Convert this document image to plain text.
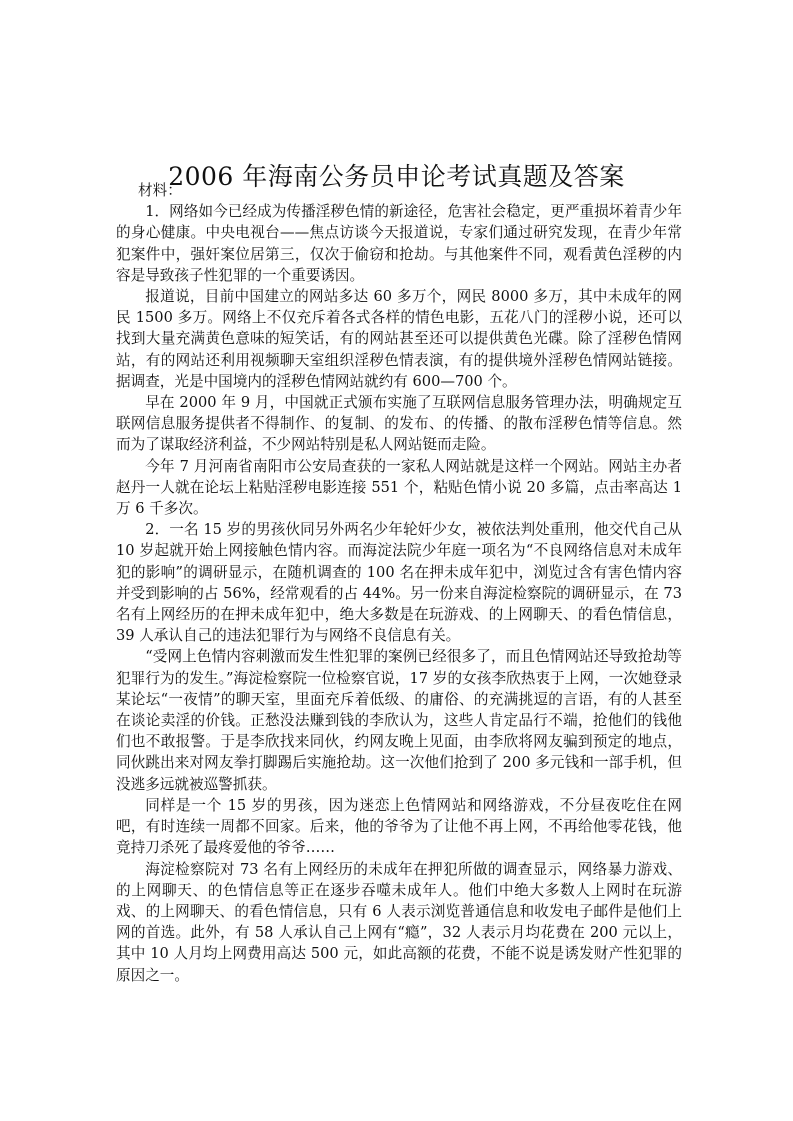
2006 年海南公务员申论考试真题及答案

材料：

1．网络如今已经成为传播淫秽色情的新途径，危害社会稳定，更严重损坏着青少年的身心健康。中央电视台——焦点访谈今天报道说，专家们通过研究发现，在青少年常犯案件中，强奸案位居第三，仅次于偷窃和抢劫。与其他案件不同，观看黄色淫秽的内容是导致孩子性犯罪的一个重要诱因。

报道说，目前中国建立的网站多达 60 多万个，网民 8000 多万，其中未成年的网民 1500 多万。网络上不仅充斥着各式各样的情色电影，五花八门的淫秽小说，还可以找到大量充满黄色意味的短笑话，有的网站甚至还可以提供黄色光碟。除了淫秽色情网站，有的网站还利用视频聊天室组织淫秽色情表演，有的提供境外淫秽色情网站链接。据调查，光是中国境内的淫秽色情网站就约有 600—700 个。

早在 2000 年 9 月，中国就正式颁布实施了互联网信息服务管理办法，明确规定互联网信息服务提供者不得制作、的复制、的发布、的传播、的散布淫秽色情等信息。然而为了谋取经济利益，不少网站特别是私人网站铤而走险。

今年 7 月河南省南阳市公安局查获的一家私人网站就是这样一个网站。网站主办者赵丹一人就在论坛上粘贴淫秽电影连接 551 个，粘贴色情小说 20 多篇，点击率高达 1 万 6 千多次。

2．一名 15 岁的男孩伙同另外两名少年轮奸少女，被依法判处重刑，他交代自己从 10 岁起就开始上网接触色情内容。而海淀法院少年庭一项名为“不良网络信息对未成年犯的影响”的调研显示，在随机调查的 100 名在押未成年犯中，浏览过含有害色情内容并受到影响的占 56%，经常观看的占 44%。另一份来自海淀检察院的调研显示，在 73 名有上网经历的在押未成年犯中，绝大多数是在玩游戏、的上网聊天、的看色情信息，39 人承认自己的违法犯罪行为与网络不良信息有关。

“受网上色情内容刺激而发生性犯罪的案例已经很多了，而且色情网站还导致抢劫等犯罪行为的发生。”海淀检察院一位检察官说，17 岁的女孩李欣热衷于上网，一次她登录某论坛“一夜情”的聊天室，里面充斥着低级、的庸俗、的充满挑逗的言语，有的人甚至在谈论卖淫的价钱。正愁没法赚到钱的李欣认为，这些人肯定品行不端，抢他们的钱他们也不敢报警。于是李欣找来同伙，约网友晚上见面，由李欣将网友骗到预定的地点，同伙跳出来对网友拳打脚踢后实施抢劫。这一次他们抢到了 200 多元钱和一部手机，但没逃多远就被巡警抓获。

同样是一个 15 岁的男孩，因为迷恋上色情网站和网络游戏，不分昼夜吃住在网吧，有时连续一周都不回家。后来，他的爷爷为了让他不再上网，不再给他零花钱，他竟持刀杀死了最疼爱他的爷爷……

海淀检察院对 73 名有上网经历的未成年在押犯所做的调查显示，网络暴力游戏、的上网聊天、的色情信息等正在逐步吞噬未成年人。他们中绝大多数人上网时在玩游戏、的上网聊天、的看色情信息，只有 6 人表示浏览普通信息和收发电子邮件是他们上网的首选。此外，有 58 人承认自己上网有“瘾”，32 人表示月均花费在 200 元以上，其中 10 人月均上网费用高达 500 元，如此高额的花费，不能不说是诱发财产性犯罪的原因之一。
